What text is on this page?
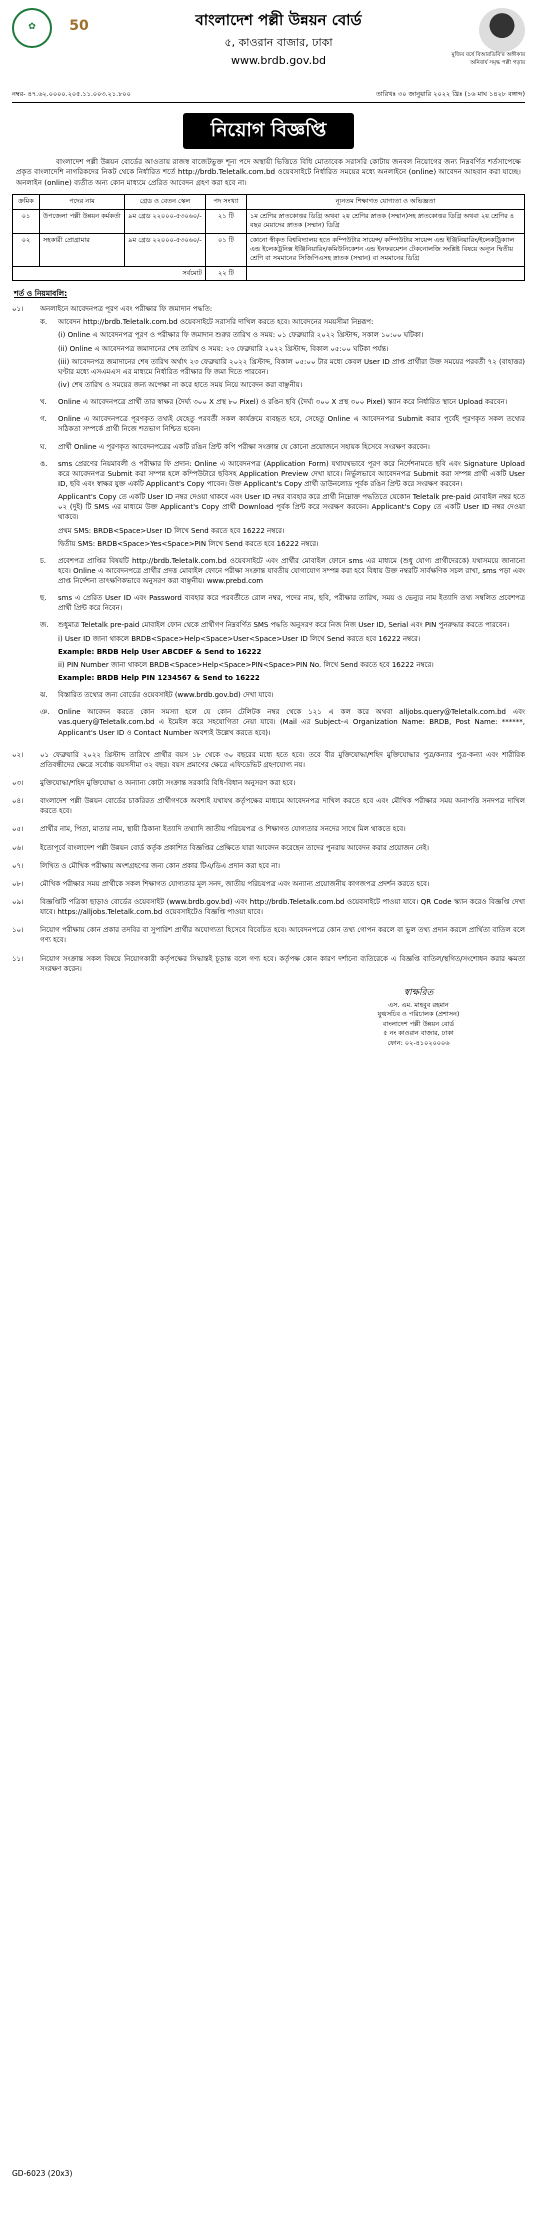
✿	50	বাংলাদেশ পল্লী উন্নয়ন বোর্ড
৫, কাওরান বাজার, ঢাকা
www.brdb.gov.bd	মুজিব বর্ষে বিআরডিবি'র অঙ্গীকার
অনিবার্য সমৃদ্ধ পল্লী গড়ার
নম্বর- ৪৭.৬২.০০০০.২০৫.১১.০০৩.২১.৮০০	তারিখঃ ৩০ জানুয়ারি ২০২২ খ্রিঃ (১৬ মাঘ ১৪২৮ বঙ্গাব্দ)
নিয়োগ বিজ্ঞপ্তি
বাংলাদেশ পল্লী উন্নয়ন বোর্ডের আওতায় রাজস্ব বাজেটভুক্ত শূন্য পদে অস্থায়ী ভিত্তিতে বিধি মোতাবেক সরাসরি কোটায় জনবল নিয়োগের জন্য নিম্নবর্ণিত শর্তসাপেক্ষে প্রকৃত বাংলাদেশি নাগরিকদের নিকট থেকে নির্ধারিত শর্তে http://brdb.Teletalk.com.bd ওয়েবসাইটে নির্ধারিত সময়ের মধ্যে অনলাইনে (online) আবেদন আহবান করা যাচ্ছে। অনলাইন (online) ব্যতীত অন্য কোন মাধ্যমে প্রেরিত আবেদন গ্রহণ করা হবে না।
ক্রমিক	পদের নাম	গ্রেড ও বেতন স্কেল	পদ সংখ্যা	ন্যূনতম শিক্ষাগত যোগ্যতা ও অভিজ্ঞতা
০১	উপজেলা পল্লী উন্নয়ন কর্মকর্তা	৯ম গ্রেড ২২০০০-৫৩০৬০/-	২১ টি	১ম শ্রেণির স্নাতকোত্তর ডিগ্রি অথবা ২য় শ্রেণির স্নাতক (সম্মান)সহ স্নাতকোত্তর ডিগ্রি অথবা ২য় শ্রেণির ৪ বছর মেয়াদের স্নাতক (সম্মান) ডিগ্রি
০২	সহকারী প্রোগ্রামার	৯ম গ্রেড ২২০০০-৫৩০৬০/-	০১ টি	কোনো স্বীকৃত বিশ্ববিদ্যালয় হতে কম্পিউটার সায়েন্স/ কম্পিউটার সায়েন্স এন্ড ইঞ্জিনিয়ারিং/ইলেকট্রিক্যাল এন্ড ইলেকট্রনিক্স ইঞ্জিনিয়ারিং/কমিউনিকেশন এন্ড ইনফরমেশন টেকনোলজি সংশ্লিষ্ট বিষয়ে অন্যূন দ্বিতীয় শ্রেণি বা সমমানের সিজিপিএসহ স্নাতক (সম্মান) বা সমমানের ডিগ্রি
সর্বমোট			২২ টি	
শর্ত ও নিয়মাবলি:
০১।	অনলাইনে আবেদনপত্র পূরণ এবং পরীক্ষার ফি জমাদান পদ্ধতি:

ক.	আবেদন http://brdb.Teletalk.com.bd ওয়েবসাইটে সরাসরি দাখিল করতে হবে। আবেদনের সময়সীমা নিম্নরূপ:

(i) Online এ আবেদনপত্র পূরণ ও পরীক্ষার ফি জমাদান শুরুর তারিখ ও সময়: ০১ ফেব্রুয়ারি ২০২২ খ্রিস্টাব্দ, সকাল ১০:০০ ঘটিকা।

(ii) Online এ আবেদনপত্র জমাদানের শেষ তারিখ ও সময়: ২৩ ফেব্রুয়ারি ২০২২ খ্রিস্টাব্দ, বিকাল ০৫:০০ ঘটিকা পর্যন্ত।

(iii) আবেদনপত্র জমাদানের শেষ তারিখ অর্থাৎ ২৩ ফেব্রুয়ারি ২০২২ খ্রিস্টাব্দ, বিকাল ০৫:০০ টার মধ্যে কেবল User ID প্রাপ্ত প্রার্থীরা উক্ত সময়ের পরবর্তী ৭২ (বাহাত্তর) ঘণ্টার মধ্যে এসএমএস এর মাধ্যমে নির্ধারিত পরীক্ষার ফি জমা দিতে পারবেন।

(iv) শেষ তারিখ ও সময়ের জন্য অপেক্ষা না করে হাতে সময় নিয়ে আবেদন করা বাঞ্ছনীয়।

খ.	Online এ আবেদনপত্রে প্রার্থী তার স্বাক্ষর (দৈর্ঘ্য ৩০০ X প্রস্থ ৮০ Pixel) ও রঙিন ছবি (দৈর্ঘ্য ৩০০ X প্রস্থ ৩০০ Pixel) স্ক্যান করে নির্ধারিত স্থানে Upload করবেন।

গ.	Online এ আবেদনপত্রে পূরণকৃত তথ্যই যেহেতু পরবর্তী সকল কার্যক্রমে ব্যবহৃত হবে, সেহেতু Online এ আবেদনপত্র Submit করার পূর্বেই পূরণকৃত সকল তথ্যের সঠিকতা সম্পর্কে প্রার্থী নিজে শতভাগ নিশ্চিত হবেন।

ঘ.	প্রার্থী Online এ পূরণকৃত আবেদনপত্রের একটি রঙিন প্রিন্ট কপি পরীক্ষা সংক্রান্ত যে কোনো প্রয়োজনে সহায়ক হিসেবে সংরক্ষণ করবেন।

ঙ.	sms প্রেরণের নিয়মাবলী ও পরীক্ষার ফি প্রদান: Online এ আবেদনপত্র (Application Form) যথাযথভাবে পূরণ করে নির্দেশনামতে ছবি এবং Signature Upload করে আবেদনপত্র Submit করা সম্পন্ন হলে কম্পিউটারে ছবিসহ Application Preview দেখা যাবে। নির্ভুলভাবে আবেদনপত্র Submit করা সম্পন্ন প্রার্থী একটি User ID, ছবি এবং স্বাক্ষর যুক্ত একটি Applicant's Copy পাবেন। উক্ত Applicant's Copy প্রার্থী ডাউনলোড পূর্বক রঙিন প্রিন্ট করে সংরক্ষণ করবেন।

Applicant's Copy তে একটি User ID নম্বর দেওয়া থাকবে এবং User ID নম্বর ব্যবহার করে প্রার্থী নিম্নোক্ত পদ্ধতিতে যেকোন Teletalk pre-paid মোবাইল নম্বর হতে ০২ (দুই) টি SMS এর মাধ্যমে উক্ত Applicant's Copy প্রার্থী Download পূর্বক প্রিন্ট করে সংরক্ষণ করবেন। Applicant's Copy তে একটি User ID নম্বর দেওয়া থাকবে।

প্রথম SMS: BRDB<Space>User ID লিখে Send করতে হবে 16222 নম্বরে।

দ্বিতীয় SMS: BRDB<Space>Yes<Space>PIN লিখে Send করতে হবে 16222 নম্বরে।

চ.	প্রবেশপত্র প্রাপ্তির বিষয়টি http://brdb.Teletalk.com.bd ওয়েবসাইটে এবং প্রার্থীর মোবাইল ফোনে sms এর মাধ্যমে (শুধু যোগ্য প্রার্থীদেরকে) যথাসময়ে জানানো হবে। Online এ আবেদনপত্রে প্রার্থীর প্রদত্ত মোবাইল ফোনে পরীক্ষা সংক্রান্ত যাবতীয় যোগাযোগ সম্পন্ন করা হবে বিধায় উক্ত নম্বরটি সার্বক্ষণিক সচল রাখা, sms পড়া এবং প্রাপ্ত নির্দেশনা তাৎক্ষণিকভাবে অনুসরণ করা বাঞ্ছনীয়। www.prebd.com

ছ.	sms এ প্রেরিত User ID এবং Password ব্যবহার করে পরবর্তীতে রোল নম্বর, পদের নাম, ছবি, পরীক্ষার তারিখ, সময় ও ভেন্যুর নাম ইত্যাদি তথ্য সম্বলিত প্রবেশপত্র প্রার্থী প্রিন্ট করে নিবেন।

জ.	শুধুমাত্র Teletalk pre-paid মোবাইল ফোন থেকে প্রার্থীগণ নিম্নবর্ণিত SMS পদ্ধতি অনুসরণ করে নিজ নিজ User ID, Serial এবং PIN পুনরুদ্ধার করতে পারবেন।

i) User ID জানা থাকলে BRDB<Space>Help<Space>User<Space>User ID লিখে Send করতে হবে 16222 নম্বরে।

Example: BRDB Help User ABCDEF & Send to 16222

ii) PIN Number জানা থাকলে BRDB<Space>Help<Space>PIN<Space>PIN No. লিখে Send করতে হবে 16222 নম্বরে।

Example: BRDB Help PIN 1234567 & Send to 16222

ঝ.	বিস্তারিত তথ্যের জন্য বোর্ডের ওয়েবসাইট (www.brdb.gov.bd) দেখা যাবে।

ঞ.	Online আবেদন করতে কোন সমস্যা হলে যে কোন টেলিটক নম্বর থেকে ১২১ এ কল করে অথবা alljobs.query@Teletalk.com.bd এবং vas.query@Teletalk.com.bd এ ইমেইল করে সহযোগিতা নেয়া যাবে। (Mail এর Subject-এ Organization Name: BRDB, Post Name: ******, Applicant's User ID ও Contact Number অবশ্যই উল্লেখ করতে হবে)।

০২।	০১ ফেব্রুয়ারি ২০২২ খ্রিস্টাব্দ তারিখে প্রার্থীর বয়স ১৮ থেকে ৩০ বছরের মধ্যে হতে হবে। তবে বীর মুক্তিযোদ্ধা/শহিদ মুক্তিযোদ্ধার পুত্র/কন্যার পুত্র-কন্যা এবং শারীরিক প্রতিবন্ধীদের ক্ষেত্রে সর্বোচ্চ বয়সসীমা ৩২ বছর। বয়স প্রমাণের ক্ষেত্রে এফিডেভিট গ্রহণযোগ্য নয়।

০৩।	মুক্তিযোদ্ধা/শহিদ মুক্তিযোদ্ধা ও অন্যান্য কোটা সংক্রান্ত সরকারি বিধি-বিধান অনুসরণ করা হবে।

০৪।	বাংলাদেশ পল্লী উন্নয়ন বোর্ডের চাকরিরত প্রার্থীগণকে অবশ্যই যথাযথ কর্তৃপক্ষের মাধ্যমে আবেদনপত্র দাখিল করতে হবে এবং মৌখিক পরীক্ষার সময় অনাপত্তি সনদপত্র দাখিল করতে হবে।

০৫।	প্রার্থীর নাম, পিতা, মাতার নাম, স্থায়ী ঠিকানা ইত্যাদি তথ্যাদি জাতীয় পরিচয়পত্র ও শিক্ষাগত যোগ্যতার সনদের সাথে মিল থাকতে হবে।

০৬।	ইতোপূর্বে বাংলাদেশ পল্লী উন্নয়ন বোর্ড কর্তৃক প্রকাশিত বিজ্ঞপ্তির প্রেক্ষিতে যারা আবেদন করেছেন তাদের পুনরায় আবেদন করার প্রয়োজন নেই।

০৭।	লিখিত ও মৌখিক পরীক্ষায় অংশগ্রহণের জন্য কোন প্রকার টিএ/ডিএ প্রদান করা হবে না।

০৮।	মৌখিক পরীক্ষার সময় প্রার্থীকে সকল শিক্ষাগত যোগ্যতার মূল সনদ, জাতীয় পরিচয়পত্র এবং অন্যান্য প্রয়োজনীয় কাগজপত্র প্রদর্শন করতে হবে।

০৯।	বিজ্ঞপ্তিটি পত্রিকা ছাড়াও বোর্ডের ওয়েবসাইট (www.brdb.gov.bd) এবং http://brdb.Teletalk.com.bd ওয়েবসাইটে পাওয়া যাবে। QR Code স্ক্যান করেও বিজ্ঞপ্তি দেখা যাবে। https://alljobs.Teletalk.com.bd ওয়েবসাইটেও বিজ্ঞপ্তি পাওয়া যাবে।

১০।	নিয়োগ পরীক্ষায় কোন প্রকার তদবির বা সুপারিশ প্রার্থীর অযোগ্যতা হিসেবে বিবেচিত হবে। আবেদনপত্রে কোন তথ্য গোপন করলে বা ভুল তথ্য প্রদান করলে প্রার্থিতা বাতিল বলে গণ্য হবে।

১১।	নিয়োগ সংক্রান্ত সকল বিষয়ে নিয়োগকারী কর্তৃপক্ষের সিদ্ধান্তই চূড়ান্ত বলে গণ্য হবে। কর্তৃপক্ষ কোন কারণ দর্শানো ব্যতিরেকে এ বিজ্ঞপ্তি বাতিল/স্থগিত/সংশোধন করার ক্ষমতা সংরক্ষণ করেন।

স্বাক্ষরিত
এস. এম. মাহবুব রহমান
যুগ্মসচিব ও পরিচালক (প্রশাসন)
বাংলাদেশ পল্লী উন্নয়ন বোর্ড
৫ নং কাওরান বাজার, ঢাকা
ফোন: ০২-৪১০২০০০৬
GD-6023 (20x3)
